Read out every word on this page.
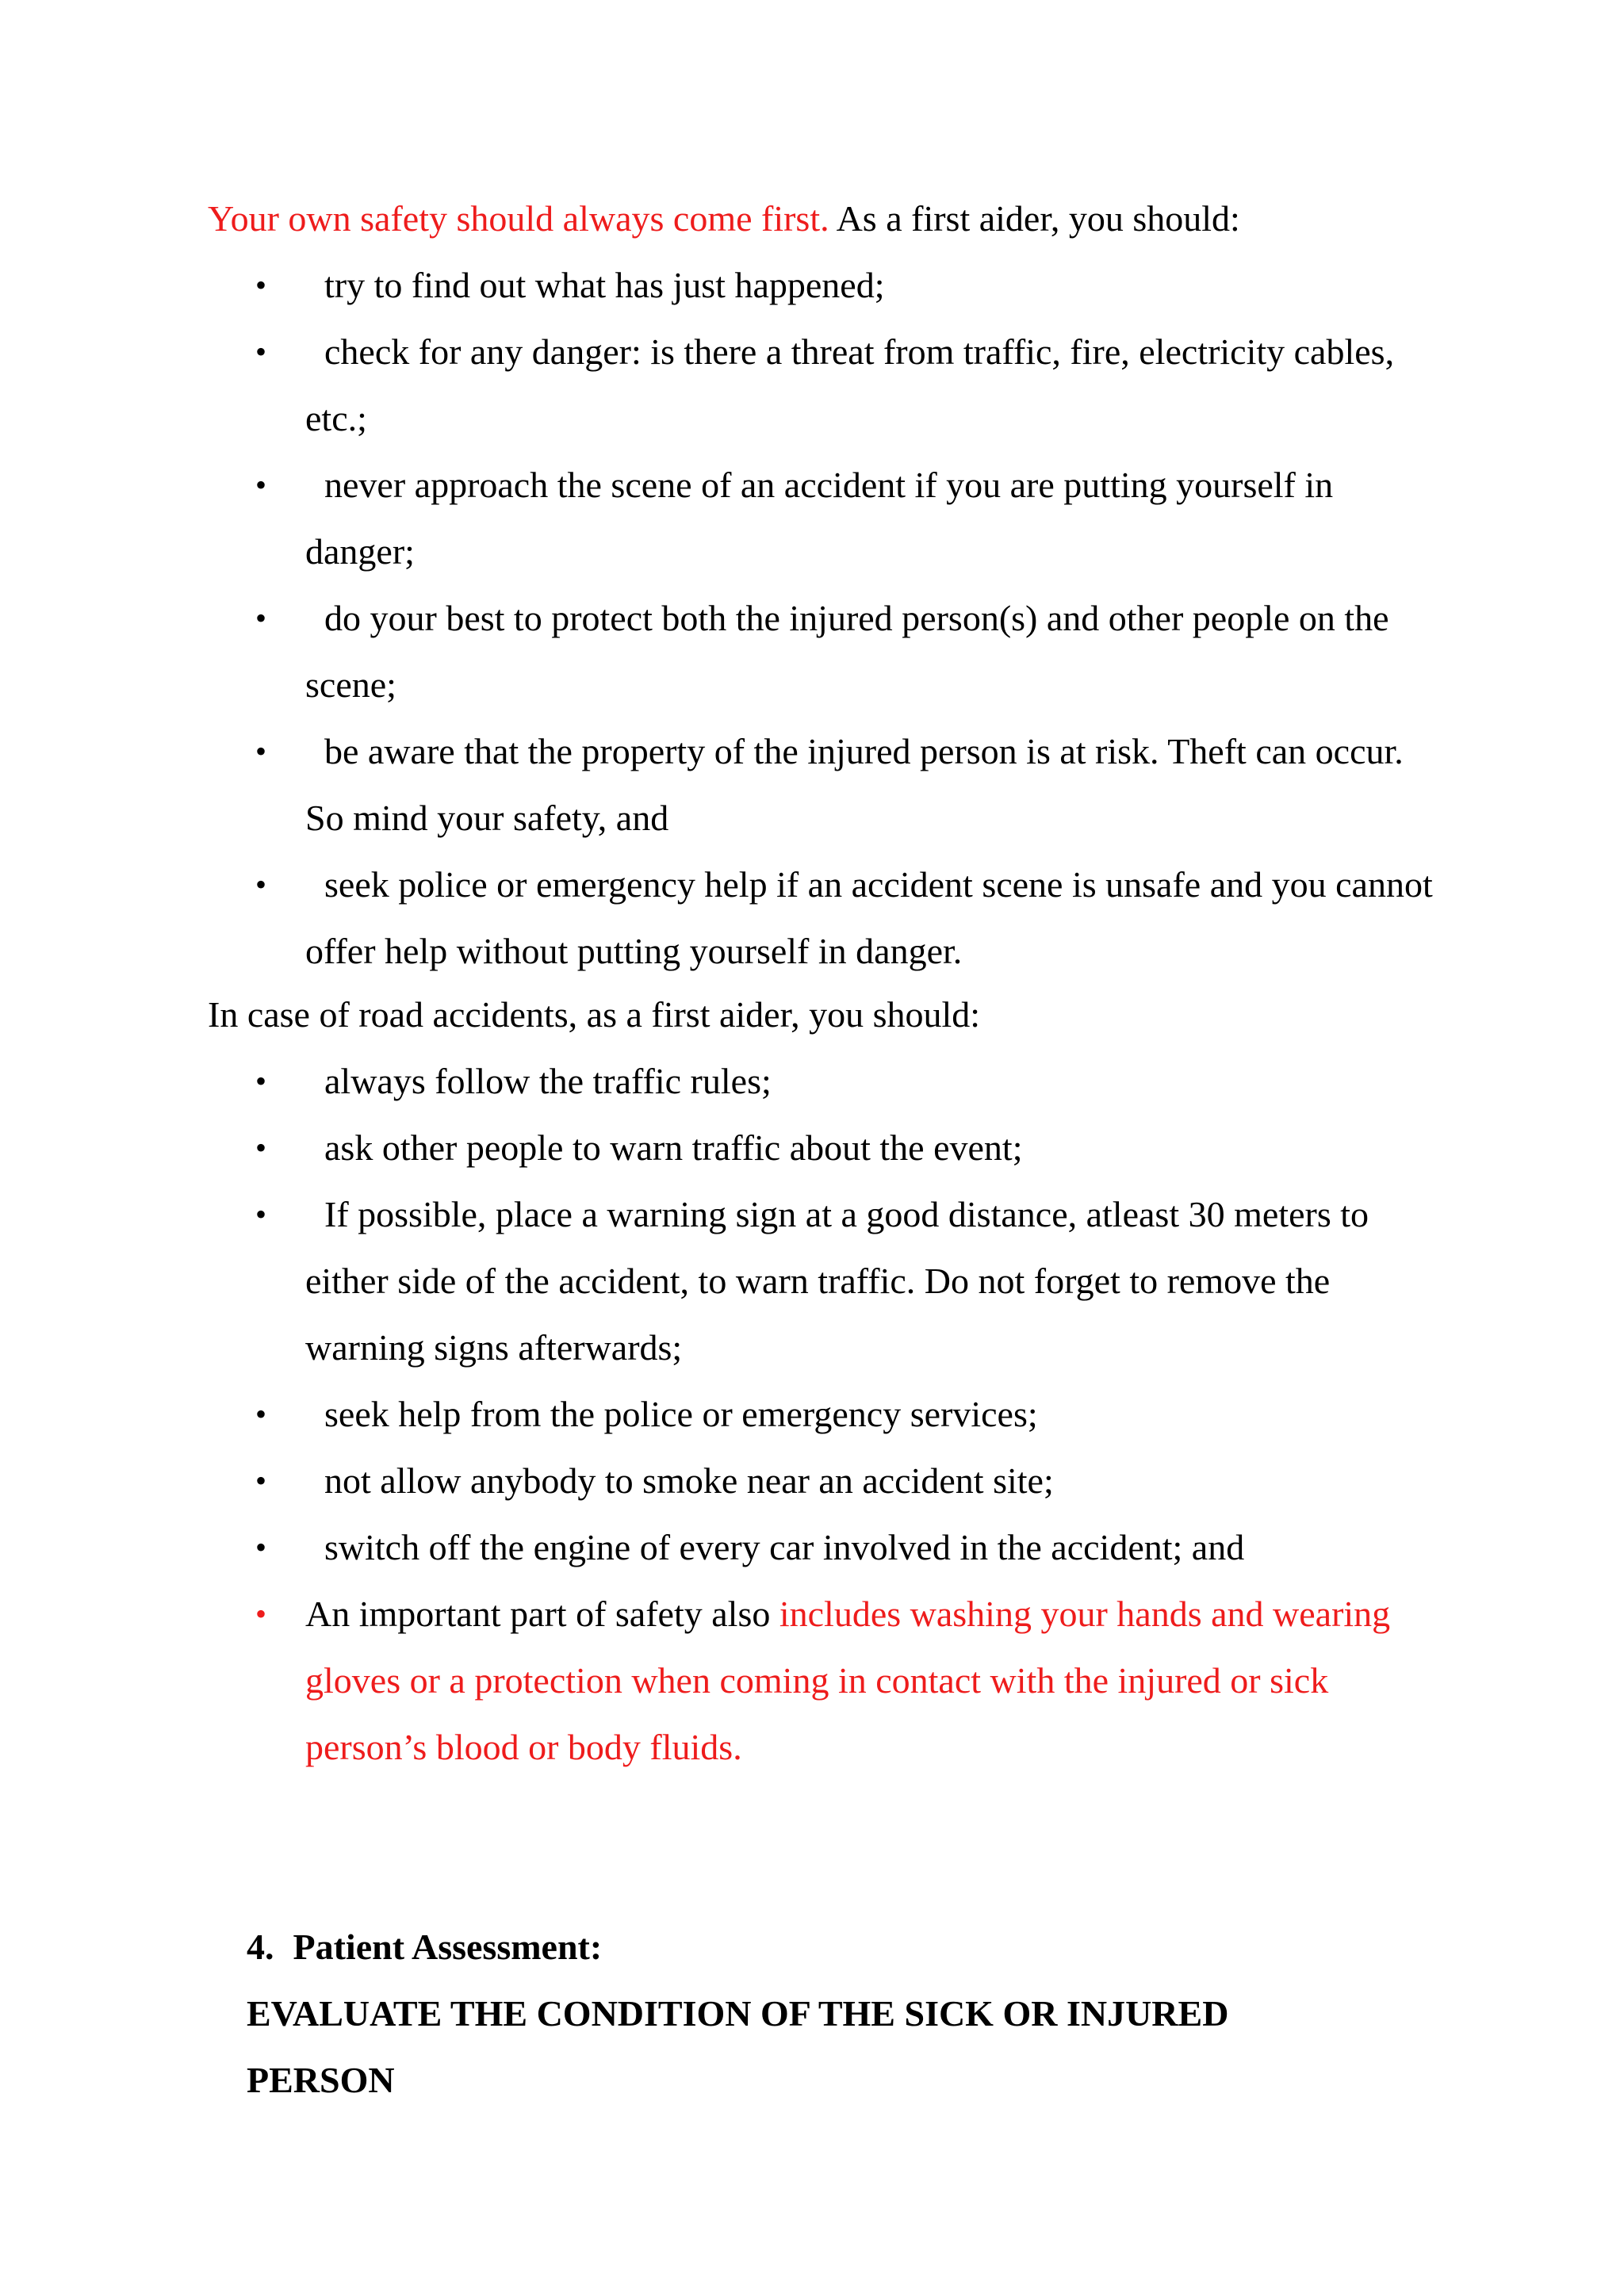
Your own safety should always come first. As a first aider, you should:
•	try to find out what has just happened;
•	check for any danger: is there a threat from traffic, fire, electricity cables, etc.;
•	never approach the scene of an accident if you are putting yourself in danger;
•	do your best to protect both the injured person(s) and other people on the scene;
•	be aware that the property of the injured person is at risk. Theft can occur. So mind your safety, and
•	seek police or emergency help if an accident scene is unsafe and you cannot offer help without putting yourself in danger.
In case of road accidents, as a first aider, you should:
•	always follow the traffic rules;
•	ask other people to warn traffic about the event;
•	If possible, place a warning sign at a good distance, atleast 30 meters to either side of the accident, to warn traffic. Do not forget to remove the warning signs afterwards;
•	seek help from the police or emergency services;
•	not allow anybody to smoke near an accident site;
•	switch off the engine of every car involved in the accident; and
• An important part of safety also includes washing your hands and wearing gloves or a protection when coming in contact with the injured or sick person’s blood or body fluids.
4. Patient Assessment:
EVALUATE THE CONDITION OF THE SICK OR INJURED PERSON
